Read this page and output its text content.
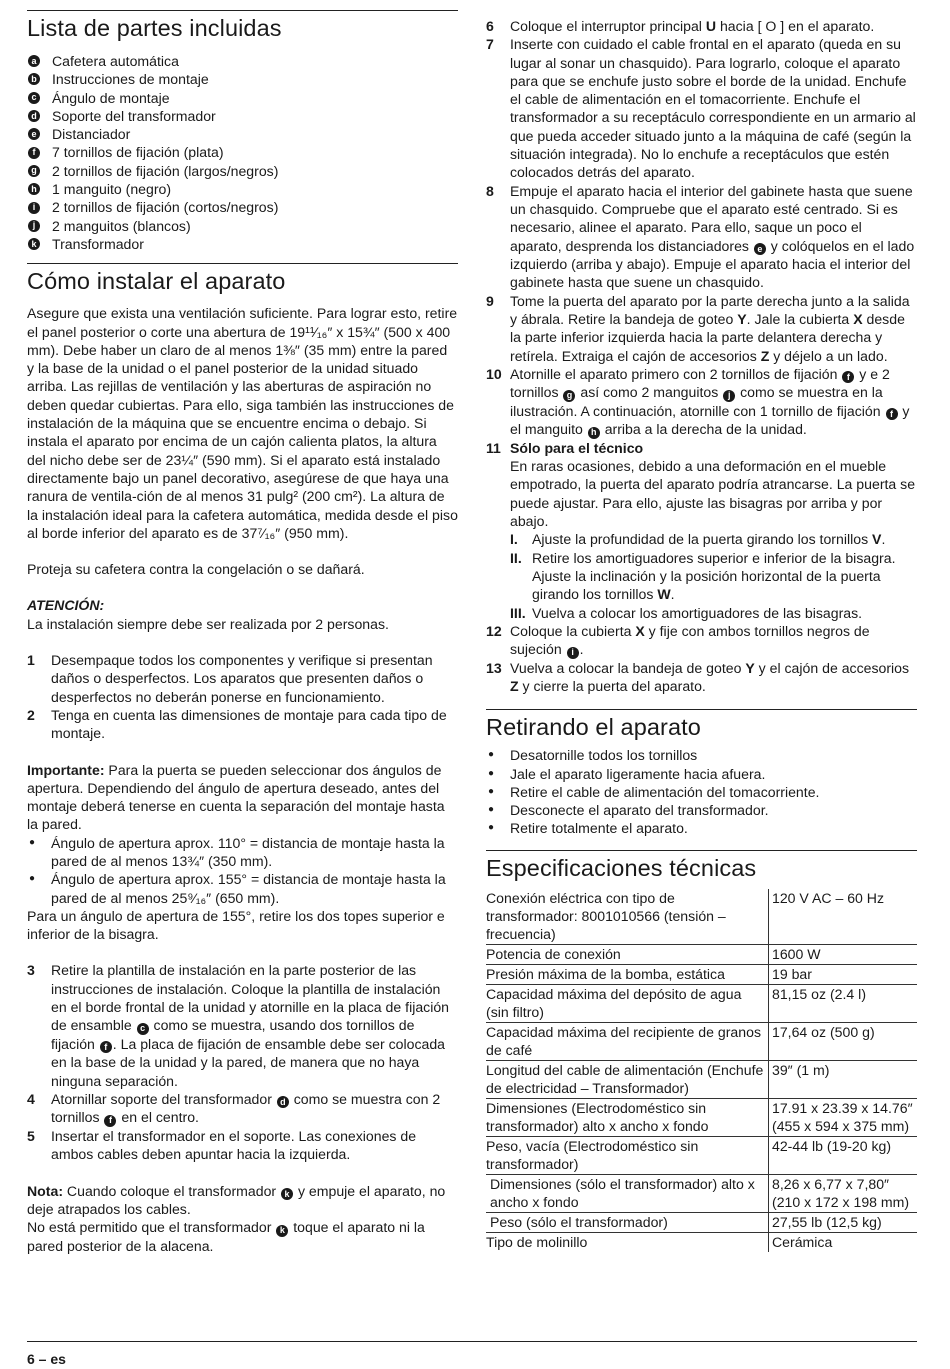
Lista de partes incluidas
a Cafetera automática
b Instrucciones de montaje
c Ángulo de montaje
d Soporte del transformador
e Distanciador
f	7 tornillos de fijación (plata)
g 2 tornillos de fijación (largos/negros)
h 1 manguito (negro)
i	2 tornillos de fijación (cortos/negros)
j	2 manguitos (blancos)
k Transformador
Cómo instalar el aparato

Asegure que exista una ventilación suficiente. Para lograr esto, retire el panel posterior o corte una abertura de 19¹¹⁄₁₆″ x 15¾″ (500 x 400 mm). Debe haber un claro de al menos 1⅜″ (35 mm) entre la pared y la base de la unidad o el panel posterior de la unidad situado arriba. Las rejillas de ventilación y las aberturas de aspiración no deben quedar cubiertas. Para ello, siga también las instrucciones de instalación de la máquina que se encuentre encima o debajo. Si instala el aparato por encima de un cajón calienta platos, la altura del nicho debe ser de 23¼″ (590 mm). Si el aparato está instalado directamente bajo un panel decorativo, asegúrese de que haya una ranura de ventila-ción de al menos 31 pulg² (200 cm²). La altura de la instalación ideal para la cafetera automática, medida desde el piso al borde inferior del aparato es de 37⁷⁄₁₆″ (950 mm).

Proteja su cafetera contra la congelación o se dañará.

ATENCIÓN:

La instalación siempre debe ser realizada por 2 personas.

1	Desempaque todos los componentes y verifique si presentan daños o desperfectos. Los aparatos que presenten daños o desperfectos no deberán ponerse en funcionamiento.
2	Tenga en cuenta las dimensiones de montaje para cada tipo de montaje.

Importante: Para la puerta se pueden seleccionar dos ángulos de apertura. Dependiendo del ángulo de apertura deseado, antes del montaje deberá tenerse en cuenta la separación del montaje hasta la pared.

●	Ángulo de apertura aprox. 110° = distancia de montaje hasta la pared de al menos 13¾″ (350 mm).
●	Ángulo de apertura aprox. 155° = distancia de montaje hasta la pared de al menos 25⁹⁄₁₆″ (650 mm).

Para un ángulo de apertura de 155°, retire los dos topes superior e inferior de la bisagra.

3	Retire la plantilla de instalación en la parte posterior de las instrucciones de instalación. Coloque la plantilla de instalación en el borde frontal de la unidad y atornille en la placa de fijación de ensamble c como se muestra, usando dos tornillos de fijación f . La placa de fijación de ensamble debe ser colocada en la base de la unidad y la pared, de manera que no haya ninguna separación.
4	Atornillar soporte del transformador d como se muestra con 2 tornillos f en el centro.
5	Insertar el transformador en el soporte. Las conexiones de ambos cables deben apuntar hacia la izquierda.

Nota: Cuando coloque el transformador k y empuje el aparato, no deje atrapados los cables.

No está permitido que el transformador k toque el aparato ni la pared posterior de la alacena.

6	Coloque el interruptor principal U hacia [ O ] en el aparato.
7	Inserte con cuidado el cable frontal en el aparato (queda en su lugar al sonar un chasquido). Para lograrlo, coloque el aparato para que se enchufe justo sobre el borde de la unidad. Enchufe el cable de alimentación en el tomacorriente. Enchufe el transformador a su receptáculo correspondiente en un armario al que pueda acceder situado junto a la máquina de café (según la situación integrada). No lo enchufe a receptáculos que estén colocados detrás del aparato.
8	Empuje el aparato hacia el interior del gabinete hasta que suene un chasquido. Compruebe que el aparato esté centrado. Si es necesario, alinee el aparato. Para ello, saque un poco el aparato, desprenda los distanciadores e y colóquelos en el lado izquierdo (arriba y abajo). Empuje el aparato hacia el interior del gabinete hasta que suene un chasquido.
9	Tome la puerta del aparato por la parte derecha junto a la salida y ábrala. Retire la bandeja de goteo Y. Jale la cubierta X desde la parte inferior izquierda hacia la parte delantera derecha y retírela. Extraiga el cajón de accesorios Z y déjelo a un lado.
10 Atornille el aparato primero con 2 tornillos de fijación f y e 2 tornillos g así como 2 manguitos j como se muestra en la ilustración. A continuación, atornille con 1 tornillo de fijación f y el manguito h arriba a la derecha de la unidad.
11 Sólo para el técnico
En raras ocasiones, debido a una deformación en el mueble empotrado, la puerta del aparato podría atrancarse. La puerta se puede ajustar. Para ello, ajuste las bisagras por arriba y por abajo.
I.	Ajuste la profundidad de la puerta girando los tornillos V.
II. Retire los amortiguadores superior e inferior de la bisagra. Ajuste la inclinación y la posición horizontal de la puerta girando los tornillos W.
III. Vuelva a colocar los amortiguadores de las bisagras.
12 Coloque la cubierta X y fije con ambos tornillos negros de sujeción i .
13 Vuelva a colocar la bandeja de goteo Y y el cajón de accesorios Z y cierre la puerta del aparato.
Retirando el aparato
●	Desatornille todos los tornillos
●	Jale el aparato ligeramente hacia afuera.
●	Retire el cable de alimentación del tomacorriente.
●	Desconecte el aparato del transformador.
●	Retire totalmente el aparato.
Especificaciones técnicas
Conexión eléctrica con tipo de transformador: 8001010566 (tensión – frecuencia)	120 V AC – 60 Hz
Potencia de conexión	1600 W
Presión máxima de la bomba, estática	19 bar
Capacidad máxima del depósito de agua (sin filtro)	81,15 oz (2.4 l)
Capacidad máxima del recipiente de granos de café	17,64 oz (500 g)
Longitud del cable de alimentación (Enchufe de electricidad – Transformador)	39″ (1 m)
Dimensiones (Electrodoméstico sin transformador) alto x ancho x fondo	17.91 x 23.39 x 14.76″ (455 x 594 x 375 mm)
Peso, vacía (Electrodoméstico sin transformador)	42-44 lb (19-20 kg)
Dimensiones (sólo el transformador) alto x ancho x fondo	8,26 x 6,77 x 7,80″ (210 x 172 x 198 mm)
Peso (sólo el transformador)	27,55 lb (12,5 kg)
Tipo de molinillo	Cerámica
6 – es
